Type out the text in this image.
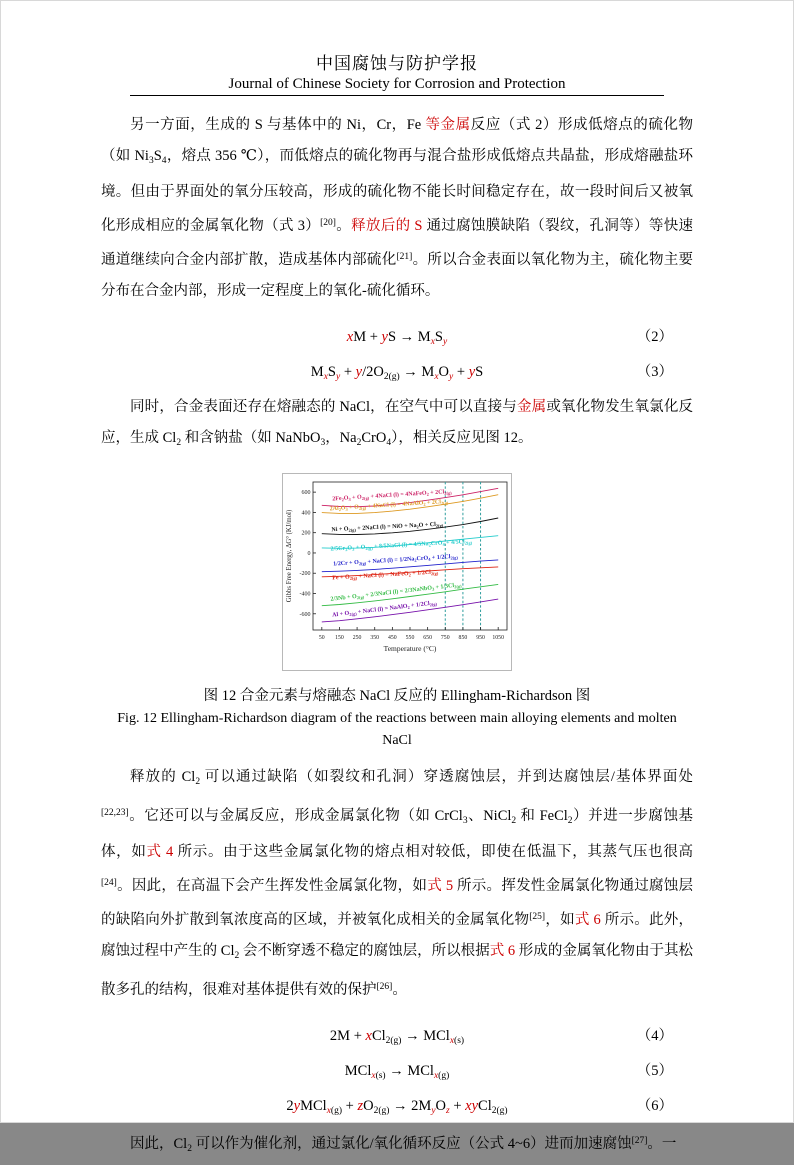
中国腐蚀与防护学报
Journal of Chinese Society for Corrosion and Protection

另一方面，生成的 S 与基体中的 Ni，Cr，Fe 等金属反应（式 2）形成低熔点的硫化物（如 $Ni_3S_4$，熔点 356 ℃），而低熔点的硫化物再与混合盐形成低熔点共晶盐，形成熔融盐环境。但由于界面处的氧分压较高，形成的硫化物不能长时间稳定存在，故一段时间后又被氧化形成相应的金属氧化物（式 3）[20]。释放后的 S 通过腐蚀膜缺陷（裂纹，孔洞等）等快速通道继续向合金内部扩散，造成基体内部硫化[21]。所以合金表面以氧化物为主，硫化物主要分布在合金内部，形成一定程度上的氧化-硫化循环。

xM + yS → $M_xS_y$	（2）
$M_xS_y + y/2O_{2(g)} \to M_xO_y$ + yS	（3）

同时，合金表面还存在熔融态的 NaCl，在空气中可以直接与金属或氧化物发生氧氯化反应，生成 $Cl_2$ 和含钠盐（如 NaNbO$_3$，$Na_2CrO_4$），相关反应见图 12。

600
400
200
0
-200
-400
-600
50 150 250 350 450 550 650 750 850 950 1050
Temperature (°C)
Gibbs Free Energy, ΔG° (KJ/mol)
$2Fe_2O_3 + O_{2(g)}$ + 4NaCl (l) = 4NaFeO$_2$ + $2Cl_{2(g)}$
$2Al_2O_3 + O_{2(g)}$ + 4NaCl (l) = 4NaAlO$_2$ + $2Cl_{2(g)}$
$Ni + O_{2(g)}$ + 2NaCl (l) = NiO + $Na_2O + Cl_{2(g)}$
$2/5Cr_2O_3 + O_{2(g)}$ + 8/5NaCl $(l) = 4/5Na_2CrO_4 + 4/5Cl_{2(g)}$
$1/2Cr + O_{2(g)}$ + NaCl $(l) = 1/2Na_2CrO_4 + 1/2Cl_{2(g)}$
$Fe + O_{2(g)}$ + NaCl (l) = NaFeO$_2$ + $1/2Cl_{2(g)}$
$2/3Nb + O_{2(g)}$ + 2/3NaCl (l) = 2/3NaNbO$_3$ + $1/3Cl_{2(g)}$
$Al + O_{2(g)}$ + NaCl (l) = NaAlO$_2$ + $1/2Cl_{2(g)}$
图 12 合金元素与熔融态 NaCl 反应的 Ellingham-Richardson 图
Fig. 12 Ellingham-Richardson diagram of the reactions between main alloying elements and molten NaCl

释放的 $Cl_2$ 可以通过缺陷（如裂纹和孔洞）穿透腐蚀层，并到达腐蚀层/基体界面处[22,23]。它还可以与金属反应，形成金属氯化物（如 CrCl$_3$、NiCl$_2$ 和 FeCl$_2$）并进一步腐蚀基体，如式 4 所示。由于这些金属氯化物的熔点相对较低，即使在低温下，其蒸气压也很高[24]。因此，在高温下会产生挥发性金属氯化物，如式 5 所示。挥发性金属氯化物通过腐蚀层的缺陷向外扩散到氧浓度高的区域，并被氧化成相关的金属氧化物[25]，如式 6 所示。此外，腐蚀过程中产生的 $Cl_2$ 会不断穿透不稳定的腐蚀层，所以根据式 6 形成的金属氧化物由于其松散多孔的结构，很难对基体提供有效的保护[26]。

2M + xCl$_{2(g)}$ → MCl$_{x(s)}$	（4）
MCl$_{x(s)}$ → MCl$_{x(g)}$	（5）
2yMCl$_{x(g)}$ + $zO_{2(g)} \to 2M_yO_z$ + xyCl$_{2(g)}$	（6）

因此，$Cl_2$ 可以作为催化剂，通过氯化/氧化循环反应（公式 4~6）进而加速腐蚀[27]。一
